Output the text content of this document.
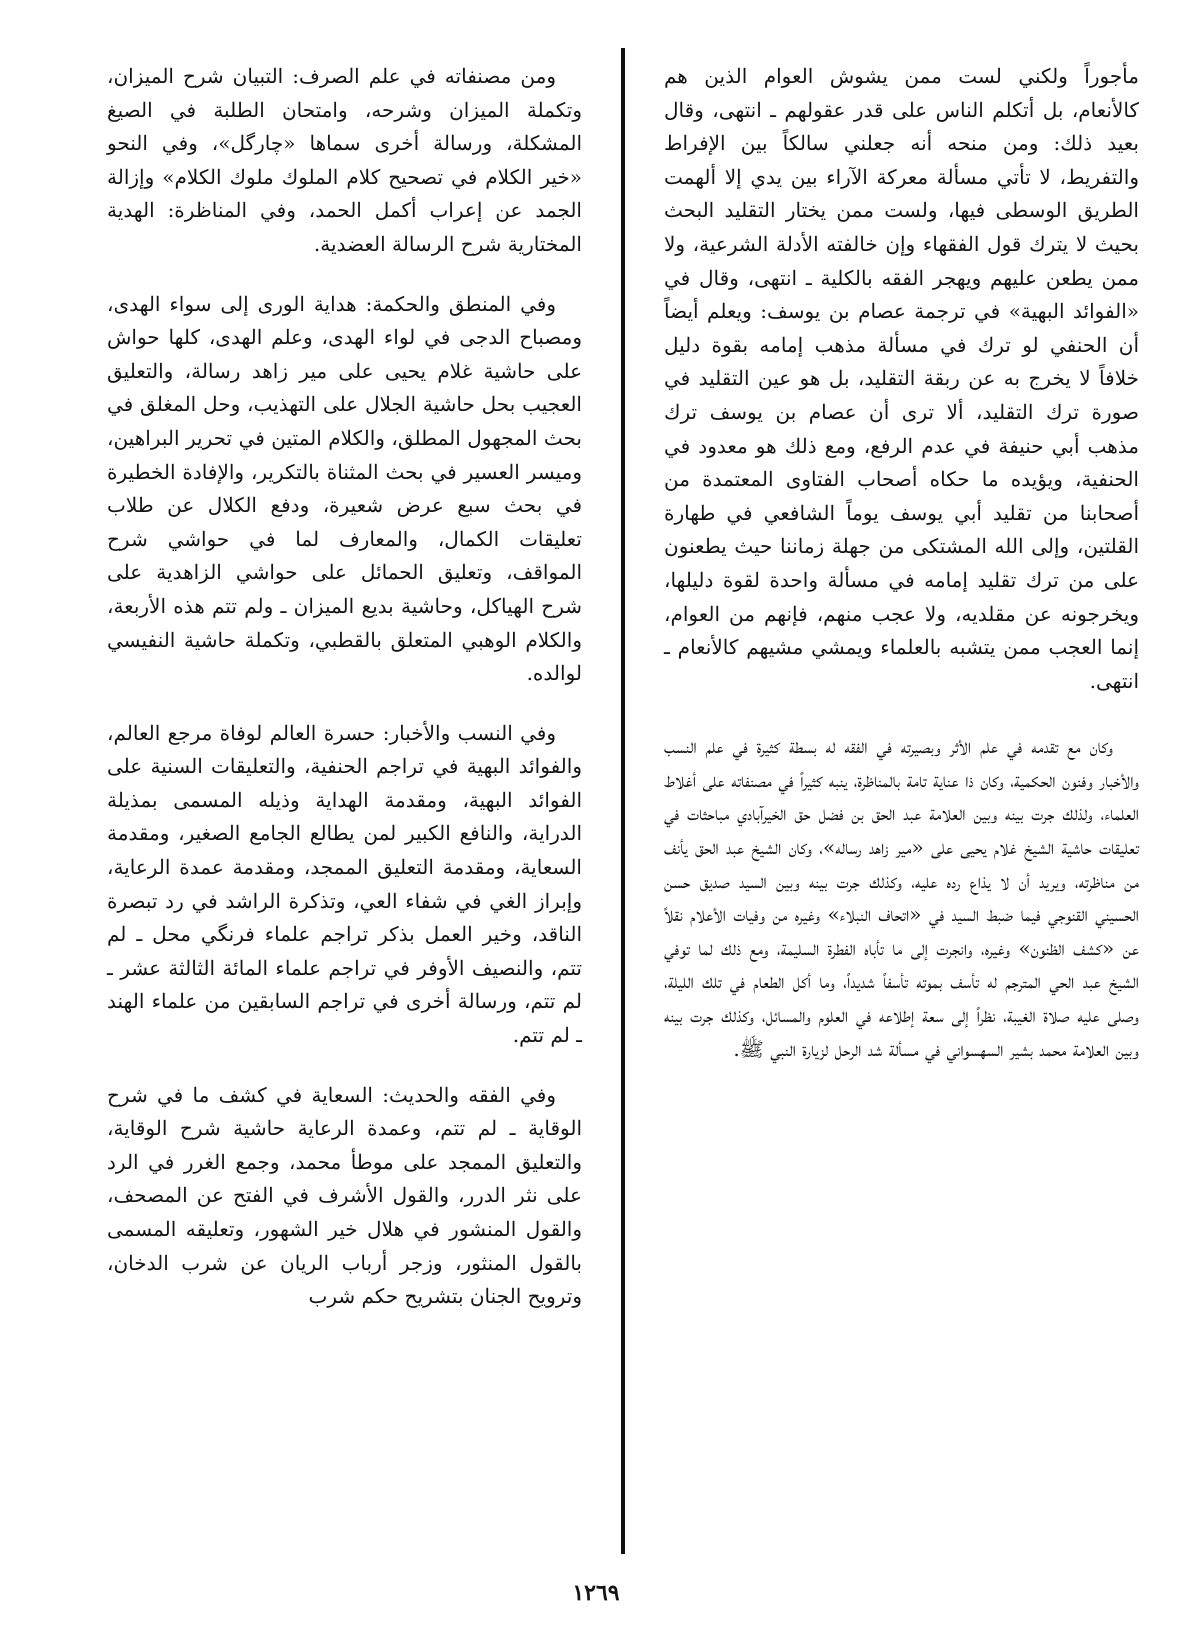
مأجوراً ولكني لست ممن يشوش العوام الذين هم كالأنعام، بل أتكلم الناس على قدر عقولهم ـ انتهى، وقال بعيد ذلك: ومن منحه أنه جعلني سالكاً بين الإفراط والتفريط، لا تأتي مسألة معركة الآراء بين يدي إلا ألهمت الطريق الوسطى فيها، ولست ممن يختار التقليد البحث بحيث لا يترك قول الفقهاء وإن خالفته الأدلة الشرعية، ولا ممن يطعن عليهم ويهجر الفقه بالكلية ـ انتهى، وقال في «الفوائد البهية» في ترجمة عصام بن يوسف: ويعلم أيضاً أن الحنفي لو ترك في مسألة مذهب إمامه بقوة دليل خلافاً لا يخرج به عن ربقة التقليد، بل هو عين التقليد في صورة ترك التقليد، ألا ترى أن عصام بن يوسف ترك مذهب أبي حنيفة في عدم الرفع، ومع ذلك هو معدود في الحنفية، ويؤيده ما حكاه أصحاب الفتاوى المعتمدة من أصحابنا من تقليد أبي يوسف يوماً الشافعي في طهارة القلتين، وإلى الله المشتكى من جهلة زماننا حيث يطعنون على من ترك تقليد إمامه في مسألة واحدة لقوة دليلها، ويخرجونه عن مقلديه، ولا عجب منهم، فإنهم من العوام، إنما العجب ممن يتشبه بالعلماء ويمشي مشيهم كالأنعام ـ انتهى.

وكان مع تقدمه في علم الأثر وبصيرته في الفقه له بسطة كثيرة في علم النسب والأخبار وفنون الحكمية، وكان ذا عناية تامة بالمناظرة، ينبه كثيراً في مصنفاته على أغلاط العلماء، ولذلك جرت بينه وبين العلامة عبد الحق بن فضل حق الخيرآبادي مباحثات في تعليقات حاشية الشيخ غلام يحيى على «مير زاهد رساله»، وكان الشيخ عبد الحق يأنف من مناظرته، ويريد أن لا يذاع رده عليه، وكذلك جرت بينه وبين السيد صديق حسن الحسيني القنوجي فيما ضبط السيد في «اتحاف النبلاء» وغيره من وفيات الأعلام نقلاً عن «كشف الظنون» وغيره، وانجرت إلى ما تأباه الفطرة السليمة، ومع ذلك لما توفي الشيخ عبد الحي المترجم له تأسف بموته تأسفاً شديداً، وما أكل الطعام في تلك الليلة، وصلى عليه صلاة الغيبة، نظراً إلى سعة إطلاعه في العلوم والمسائل، وكذلك جرت بينه وبين العلامة محمد بشير السهسواني في مسألة شد الرحل لزيارة النبي ﷺ.

ومن مصنفاته في علم الصرف: التبيان شرح الميزان، وتكملة الميزان وشرحه، وامتحان الطلبة في الصيغ المشكلة، ورسالة أخرى سماها «چارگل»، وفي النحو «خير الكلام في تصحيح كلام الملوك ملوك الكلام» وإزالة الجمد عن إعراب أكمل الحمد، وفي المناظرة: الهدية المختارية شرح الرسالة العضدية.

وفي المنطق والحكمة: هداية الورى إلى سواء الهدى، ومصباح الدجى في لواء الهدى، وعلم الهدى، كلها حواش على حاشية غلام يحيى على مير زاهد رسالة، والتعليق العجيب بحل حاشية الجلال على التهذيب، وحل المغلق في بحث المجهول المطلق، والكلام المتين في تحرير البراهين، وميسر العسير في بحث المثناة بالتكرير، والإفادة الخطيرة في بحث سبع عرض شعيرة، ودفع الكلال عن طلاب تعليقات الكمال، والمعارف لما في حواشي شرح المواقف، وتعليق الحمائل على حواشي الزاهدية على شرح الهياكل، وحاشية بديع الميزان ـ ولم تتم هذه الأربعة، والكلام الوهبي المتعلق بالقطبي، وتكملة حاشية النفيسي لوالده.

وفي النسب والأخبار: حسرة العالم لوفاة مرجع العالم، والفوائد البهية في تراجم الحنفية، والتعليقات السنية على الفوائد البهية، ومقدمة الهداية وذيله المسمى بمذيلة الدراية، والنافع الكبير لمن يطالع الجامع الصغير، ومقدمة السعاية، ومقدمة التعليق الممجد، ومقدمة عمدة الرعاية، وإبراز الغي في شفاء العي، وتذكرة الراشد في رد تبصرة الناقد، وخير العمل بذكر تراجم علماء فرنگي محل ـ لم تتم، والنصيف الأوفر في تراجم علماء المائة الثالثة عشر ـ لم تتم، ورسالة أخرى في تراجم السابقين من علماء الهند ـ لم تتم.

وفي الفقه والحديث: السعاية في كشف ما في شرح الوقاية ـ لم تتم، وعمدة الرعاية حاشية شرح الوقاية، والتعليق الممجد على موطأ محمد، وجمع الغرر في الرد على نثر الدرر، والقول الأشرف في الفتح عن المصحف، والقول المنشور في هلال خير الشهور، وتعليقه المسمى بالقول المنثور، وزجر أرباب الريان عن شرب الدخان، وترويح الجنان بتشريح حكم شرب

١٢٦٩
